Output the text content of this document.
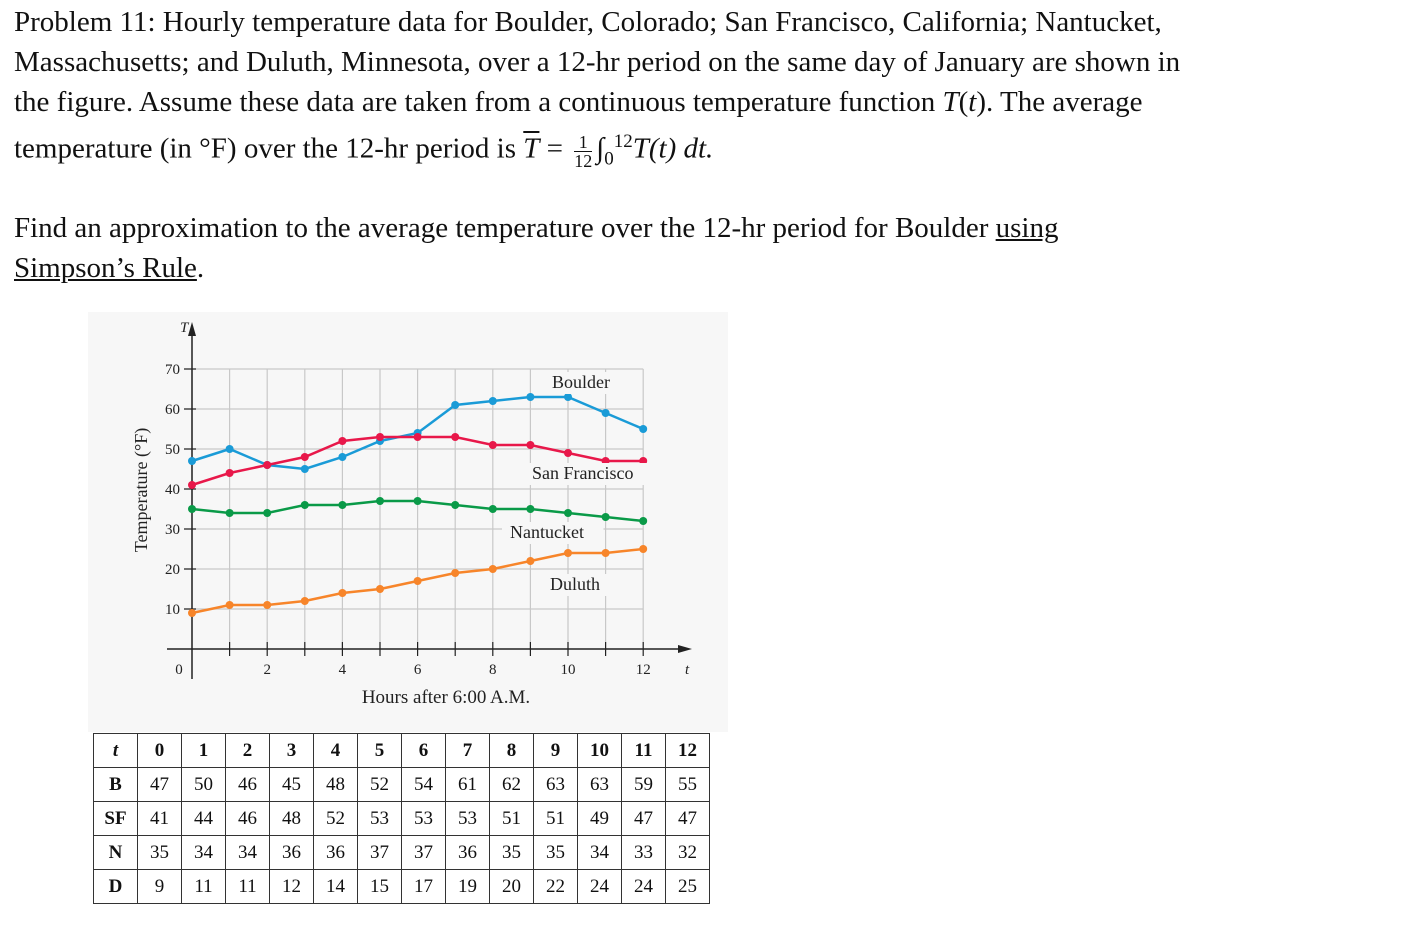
Problem 11: Hourly temperature data for Boulder, Colorado; San Francisco, California; Nantucket,
Massachusetts; and Duluth, Minnesota, over a 12-hr period on the same day of January are shown in
the figure. Assume these data are taken from a continuous temperature function T(t). The average
temperature (in °F) over the 12-hr period is $\overline{T} = \frac{1}{12} \int_0^{12}T(t)$ dt.
Find an approximation to the average temperature over the 12-hr period for Boulder using
Simpson’s Rule.
10
20
30
40
50
60
70
0	2	4	6	8	10	12 t
T
Hours after 6:00 A.M.
Temperature (°F)
Boulder
San Francisco
Nantucket
Duluth
t	0	1	2	3	4	5	6	7	8	9	10	11	12
B	47	50	46	45	48	52	54	61	62	63	63	59	55
SF	41	44	46	48	52	53	53	53	51	51	49	47	47
N	35	34	34	36	36	37	37	36	35	35	34	33	32
D	9	11	11	12	14	15	17	19	20	22	24	24	25
